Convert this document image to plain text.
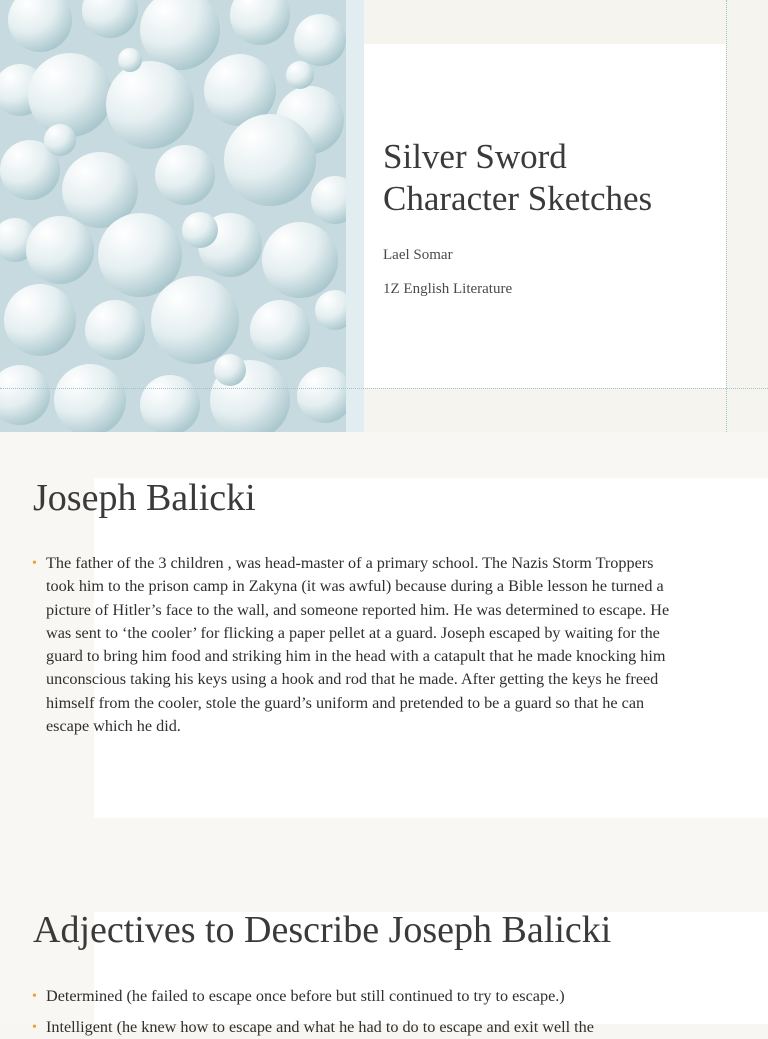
Silver Sword
Character Sketches

Lael Somar

1Z English Literature

Joseph Balicki

• The father of the 3 children , was head-master of a primary school. The Nazis Storm Troppers took him to the prison camp in Zakyna (it was awful) because during a Bible lesson he turned a picture of Hitler’s face to the wall, and someone reported him. He was determined to escape. He was sent to ‘the cooler’ for flicking a paper pellet at a guard. Joseph escaped by waiting for the guard to bring him food and striking him in the head with a catapult that he made knocking him unconscious taking his keys using a hook and rod that he made. After getting the keys he freed himself from the cooler, stole the guard’s uniform and pretended to be a guard so that he can escape which he did.

Adjectives to Describe Joseph Balicki

• Determined (he failed to escape once before but still continued to try to escape.)

• Intelligent (he knew how to escape and what he had to do to escape and exit well the
